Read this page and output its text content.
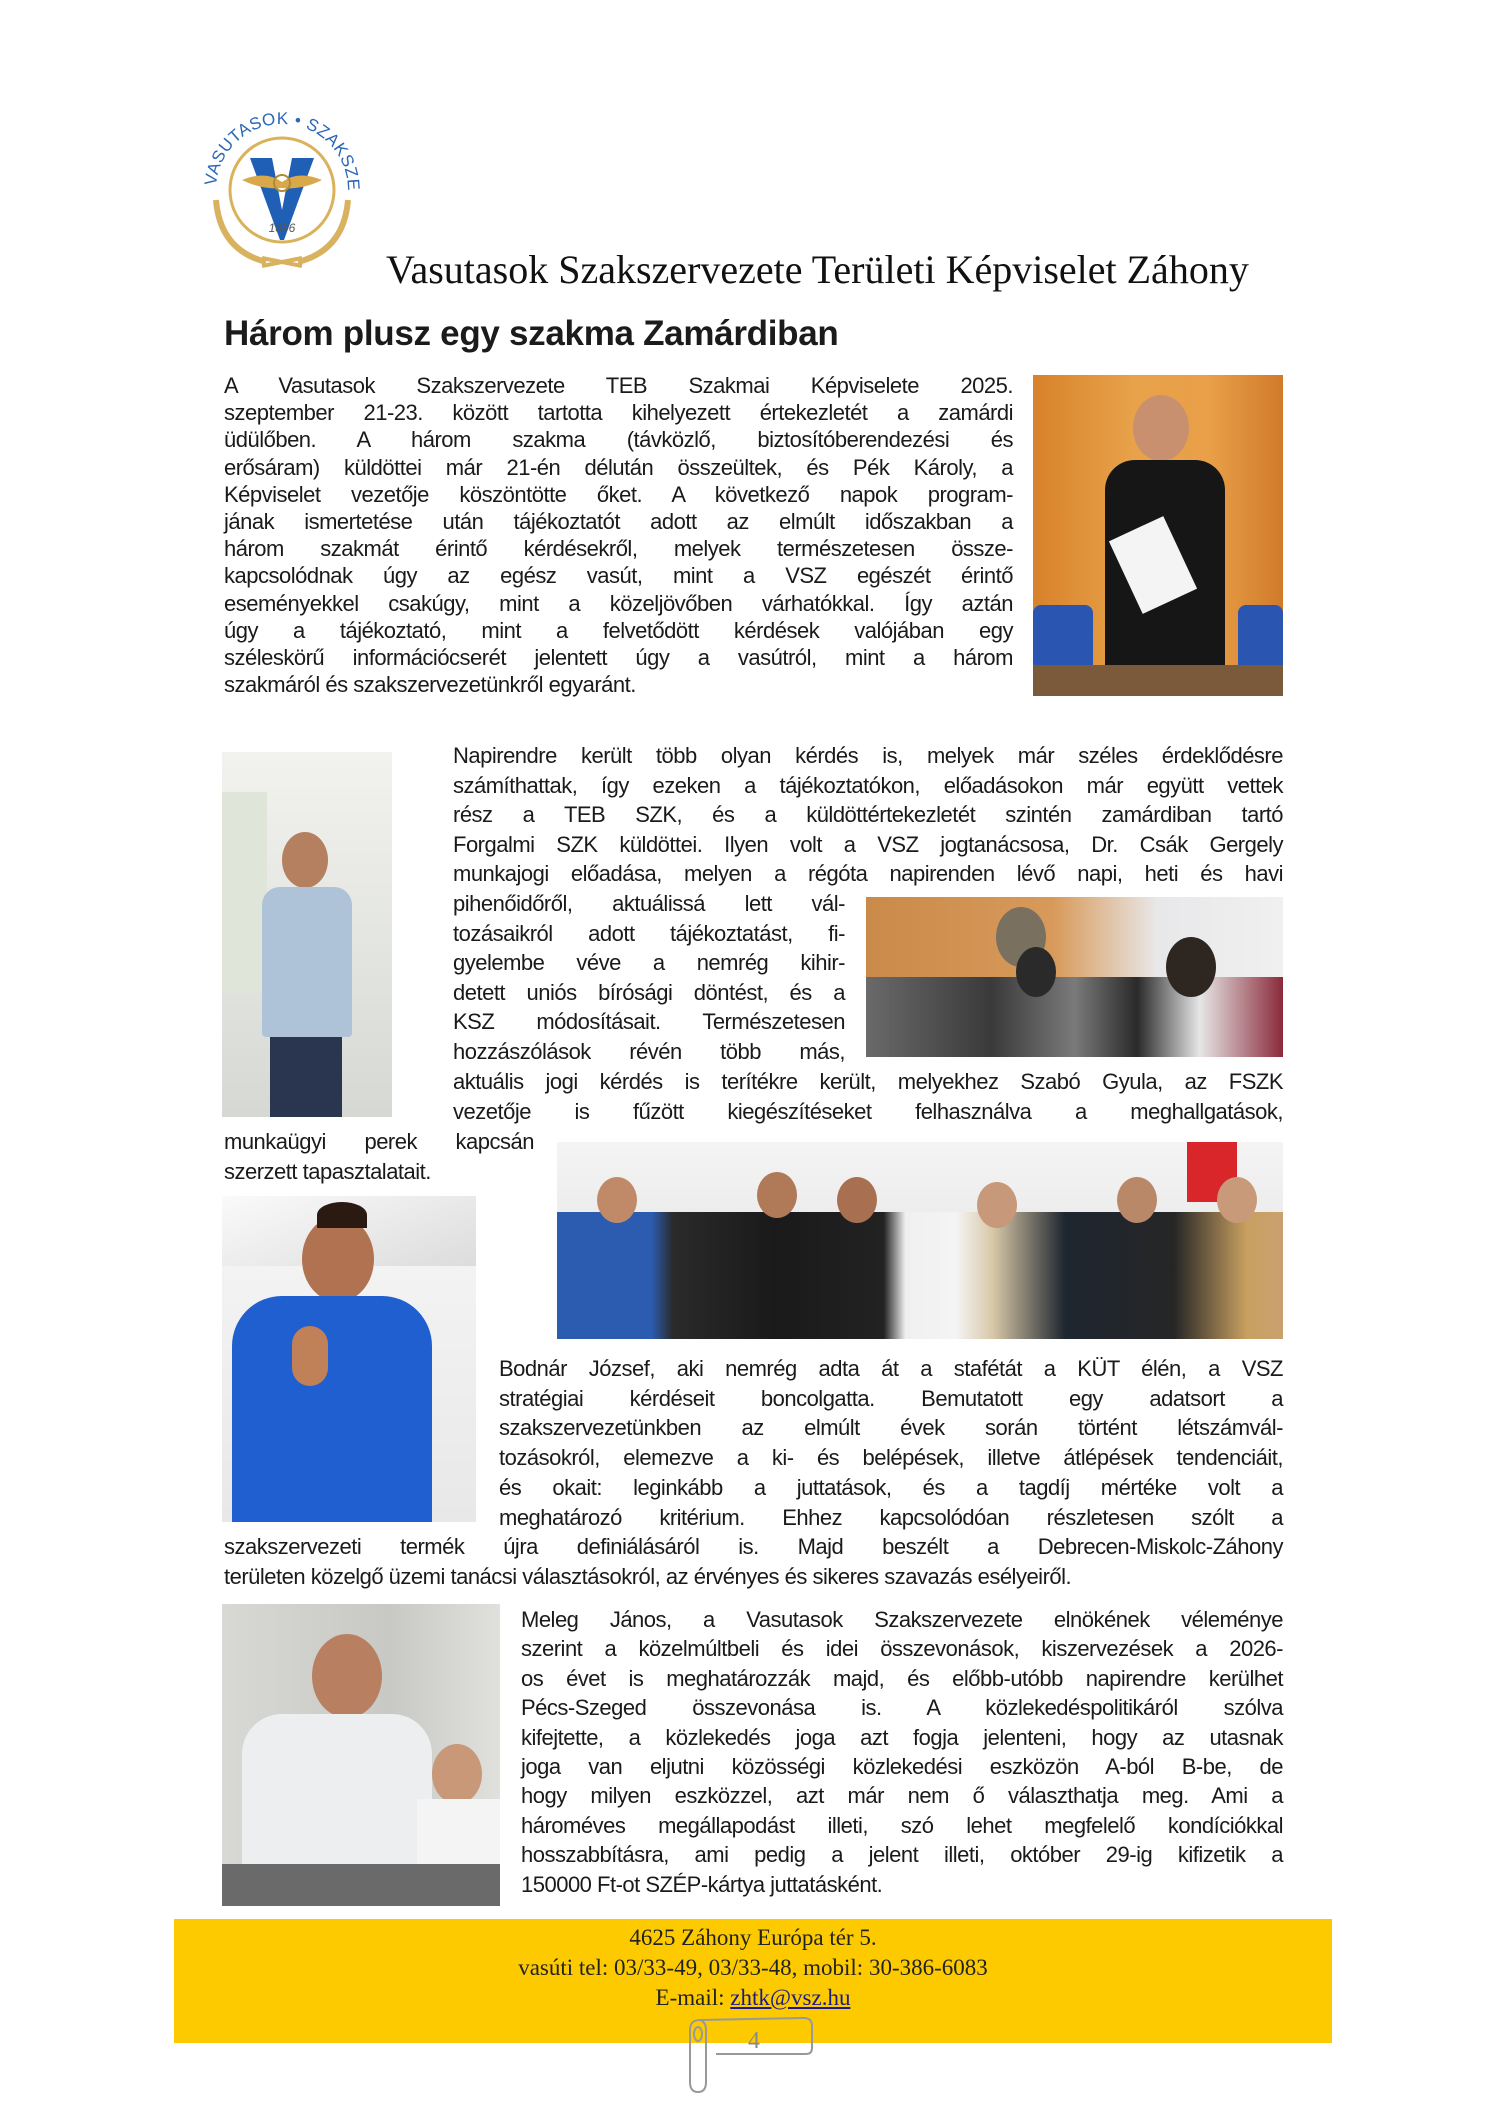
VASUTASOK • SZAKSZE
1896
Vasutasok Szakszervezete Területi Képviselet Záhony
Három plusz egy szakma Zamárdiban
A Vasutasok Szakszervezete TEB Szakmai Képviselete 2025.
szeptember 21-23. között tartotta kihelyezett értekezletét a zamárdi
üdülőben. A három szakma (távközlő, biztosítóberendezési és
erősáram) küldöttei már 21-én délután összeültek, és Pék Károly, a
Képviselet vezetője köszöntötte őket. A következő napok program-
jának ismertetése után tájékoztatót adott az elmúlt időszakban a
három szakmát érintő kérdésekről, melyek természetesen össze-
kapcsolódnak úgy az egész vasút, mint a VSZ egészét érintő
eseményekkel csakúgy, mint a közeljövőben várhatókkal. Így aztán
úgy a tájékoztató, mint a felvetődött kérdések valójában egy
széleskörű információcserét jelentett úgy a vasútról, mint a három
szakmáról és szakszervezetünkről egyaránt.
Napirendre került több olyan kérdés is, melyek már széles érdeklődésre
számíthattak, így ezeken a tájékoztatókon, előadásokon már együtt vettek
rész a TEB SZK, és a küldöttértekezletét szintén zamárdiban tartó
Forgalmi SZK küldöttei. Ilyen volt a VSZ jogtanácsosa, Dr. Csák Gergely
munkajogi előadása, melyen a régóta napirenden lévő napi, heti és havi
pihenőidőről, aktuálissá lett vál-
tozásaikról adott tájékoztatást, fi-
gyelembe véve a nemrég kihir-
detett uniós bírósági döntést, és a
KSZ módosításait. Természetesen
hozzászólások révén több más,
aktuális jogi kérdés is terítékre került, melyekhez Szabó Gyula, az FSZK
vezetője is fűzött kiegészítéseket felhasználva a meghallgatások,
munkaügyi perek kapcsán
szerzett tapasztalatait.
Bodnár József, aki nemrég adta át a stafétát a KÜT élén, a VSZ
stratégiai kérdéseit boncolgatta. Bemutatott egy adatsort a
szakszervezetünkben az elmúlt évek során történt létszámvál-
tozásokról, elemezve a ki- és belépések, illetve átlépések tendenciáit,
és okait: leginkább a juttatások, és a tagdíj mértéke volt a
meghatározó kritérium. Ehhez kapcsolódóan részletesen szólt a
szakszervezeti termék újra definiálásáról is. Majd beszélt a Debrecen-Miskolc-Záhony
területen közelgő üzemi tanácsi választásokról, az érvényes és sikeres szavazás esélyeiről.
Meleg János, a Vasutasok Szakszervezete elnökének véleménye
szerint a közelmúltbeli és idei összevonások, kiszervezések a 2026-
os évet is meghatározzák majd, és előbb-utóbb napirendre kerülhet
Pécs-Szeged összevonása is. A közlekedéspolitikáról szólva
kifejtette, a közlekedés joga azt fogja jelenteni, hogy az utasnak
joga van eljutni közösségi közlekedési eszközön A-ból B-be, de
hogy milyen eszközzel, azt már nem ő választhatja meg. Ami a
hároméves megállapodást illeti, szó lehet megfelelő kondíciókkal
hosszabbításra, ami pedig a jelent illeti, október 29-ig kifizetik a
150000 Ft-ot SZÉP-kártya juttatásként.
4625 Záhony Európa tér 5.
vasúti tel: 03/33-49, 03/33-48, mobil: 30-386-6083
E-mail: zhtk@vsz.hu
4
